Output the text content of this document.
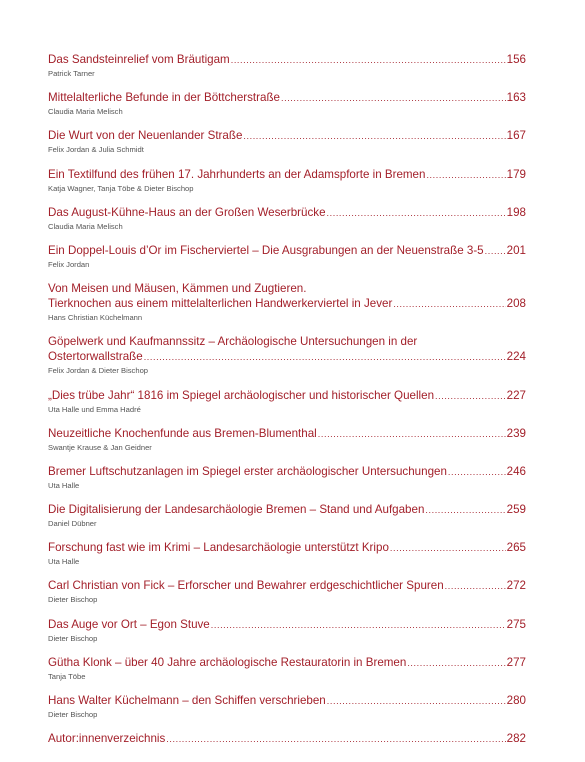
Das Sandsteinrelief vom Bräutigam .....	156
Patrick Tarner
Mittelalterliche Befunde in der Böttcherstraße .....	163
Claudia Maria Melisch
Die Wurt von der Neuenlander Straße .....	167
Felix Jordan & Julia Schmidt
Ein Textilfund des frühen 17. Jahrhunderts an der Adamspforte in Bremen .....	179
Katja Wagner, Tanja Töbe & Dieter Bischop
Das August-Kühne-Haus an der Großen Weserbrücke .....	198
Claudia Maria Melisch
Ein Doppel-Louis d’Or im Fischerviertel – Die Ausgrabungen an der Neuenstraße 3-5 ..... 201
Felix Jordan
Von Meisen und Mäusen, Kämmen und Zugtieren.
Tierknochen aus einem mittelalterlichen Handwerkerviertel in Jever .....	208
Hans Christian Küchelmann
Göpelwerk und Kaufmannssitz – Archäologische Untersuchungen in der
Ostertorwallstraße .....	224
Felix Jordan & Dieter Bischop
„Dies trübe Jahr“ 1816 im Spiegel archäologischer und historischer Quellen .....	227
Uta Halle und Emma Hadré
Neuzeitliche Knochenfunde aus Bremen-Blumenthal .....	239
Swantje Krause & Jan Geidner
Bremer Luftschutzanlagen im Spiegel erster archäologischer Untersuchungen .....	246
Uta Halle
Die Digitalisierung der Landesarchäologie Bremen – Stand und Aufgaben .....	259
Daniel Dübner
Forschung fast wie im Krimi – Landesarchäologie unterstützt Kripo .....	265
Uta Halle
Carl Christian von Fick – Erforscher und Bewahrer erdgeschichtlicher Spuren .....	272
Dieter Bischop
Das Auge vor Ort – Egon Stuve .....	275
Dieter Bischop
Gütha Klonk – über 40 Jahre archäologische Restauratorin in Bremen .....	277
Tanja Töbe
Hans Walter Küchelmann – den Schiffen verschrieben .....	280
Dieter Bischop
Autor:innenverzeichnis .....	282
